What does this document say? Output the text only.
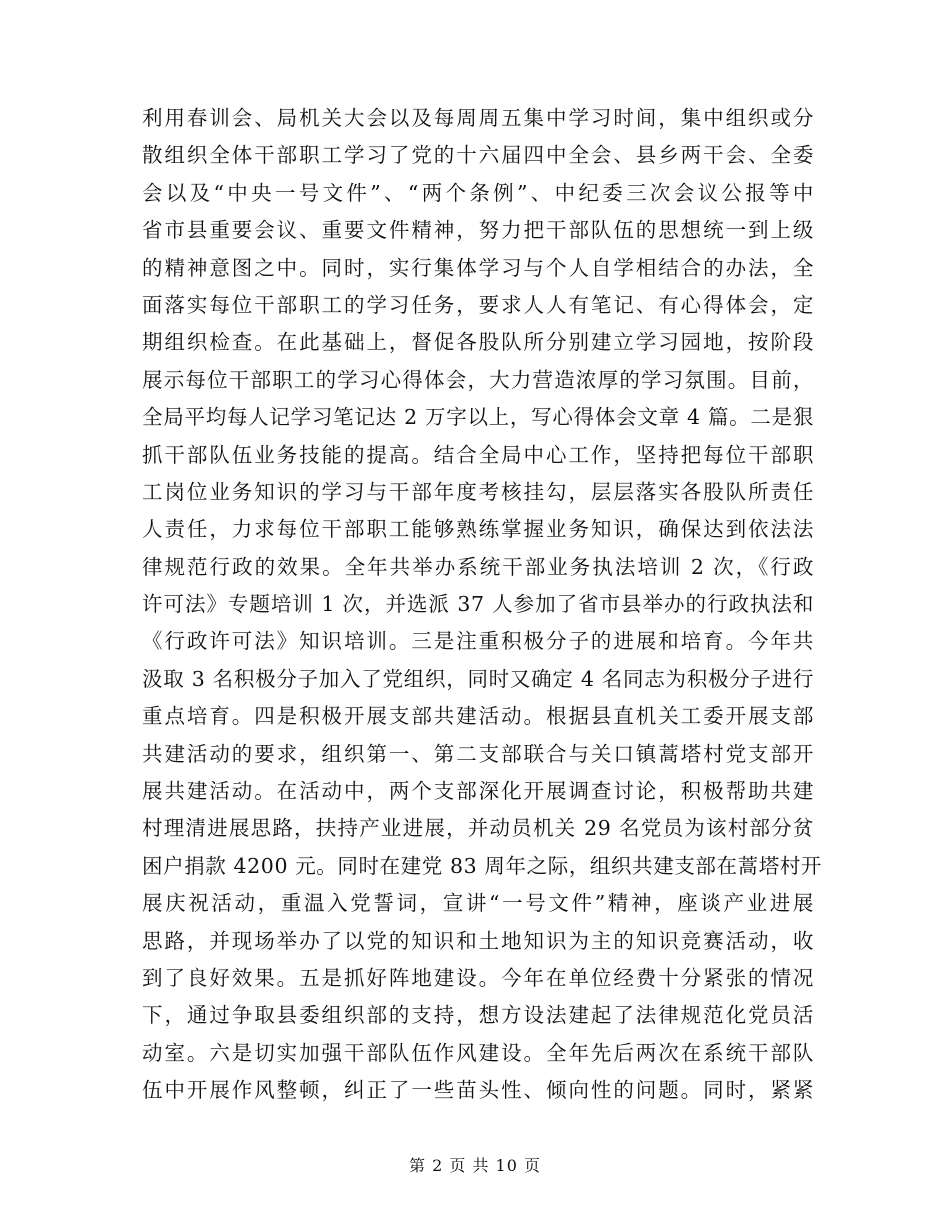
利用春训会、局机关大会以及每周周五集中学习时间，集中组织或分
散组织全体干部职工学习了党的十六届四中全会、县乡两干会、全委
会以及“中央一号文件”、“两个条例”、中纪委三次会议公报等中
省市县重要会议、重要文件精神，努力把干部队伍的思想统一到上级
的精神意图之中。同时，实行集体学习与个人自学相结合的办法，全
面落实每位干部职工的学习任务，要求人人有笔记、有心得体会，定
期组织检查。在此基础上，督促各股队所分别建立学习园地，按阶段
展示每位干部职工的学习心得体会，大力营造浓厚的学习氛围。目前，
全局平均每人记学习笔记达 2 万字以上，写心得体会文章 4 篇。二是狠
抓干部队伍业务技能的提高。结合全局中心工作，坚持把每位干部职
工岗位业务知识的学习与干部年度考核挂勾，层层落实各股队所责任
人责任，力求每位干部职工能够熟练掌握业务知识，确保达到依法法
律规范行政的效果。全年共举办系统干部业务执法培训 2 次，《行政
许可法》专题培训 1 次，并选派 37 人参加了省市县举办的行政执法和
《行政许可法》知识培训。三是注重积极分子的进展和培育。今年共
汲取 3 名积极分子加入了党组织，同时又确定 4 名同志为积极分子进行
重点培育。四是积极开展支部共建活动。根据县直机关工委开展支部
共建活动的要求，组织第一、第二支部联合与关口镇蒿塔村党支部开
展共建活动。在活动中，两个支部深化开展调查讨论，积极帮助共建
村理清进展思路，扶持产业进展，并动员机关 29 名党员为该村部分贫
困户捐款 4200 元。同时在建党 83 周年之际，组织共建支部在蒿塔村开
展庆祝活动，重温入党誓词，宣讲“一号文件”精神，座谈产业进展
思路，并现场举办了以党的知识和土地知识为主的知识竞赛活动，收
到了良好效果。五是抓好阵地建设。今年在单位经费十分紧张的情况
下，通过争取县委组织部的支持，想方设法建起了法律规范化党员活
动室。六是切实加强干部队伍作风建设。全年先后两次在系统干部队
伍中开展作风整顿，纠正了一些苗头性、倾向性的问题。同时，紧紧
第 2 页 共 10 页
